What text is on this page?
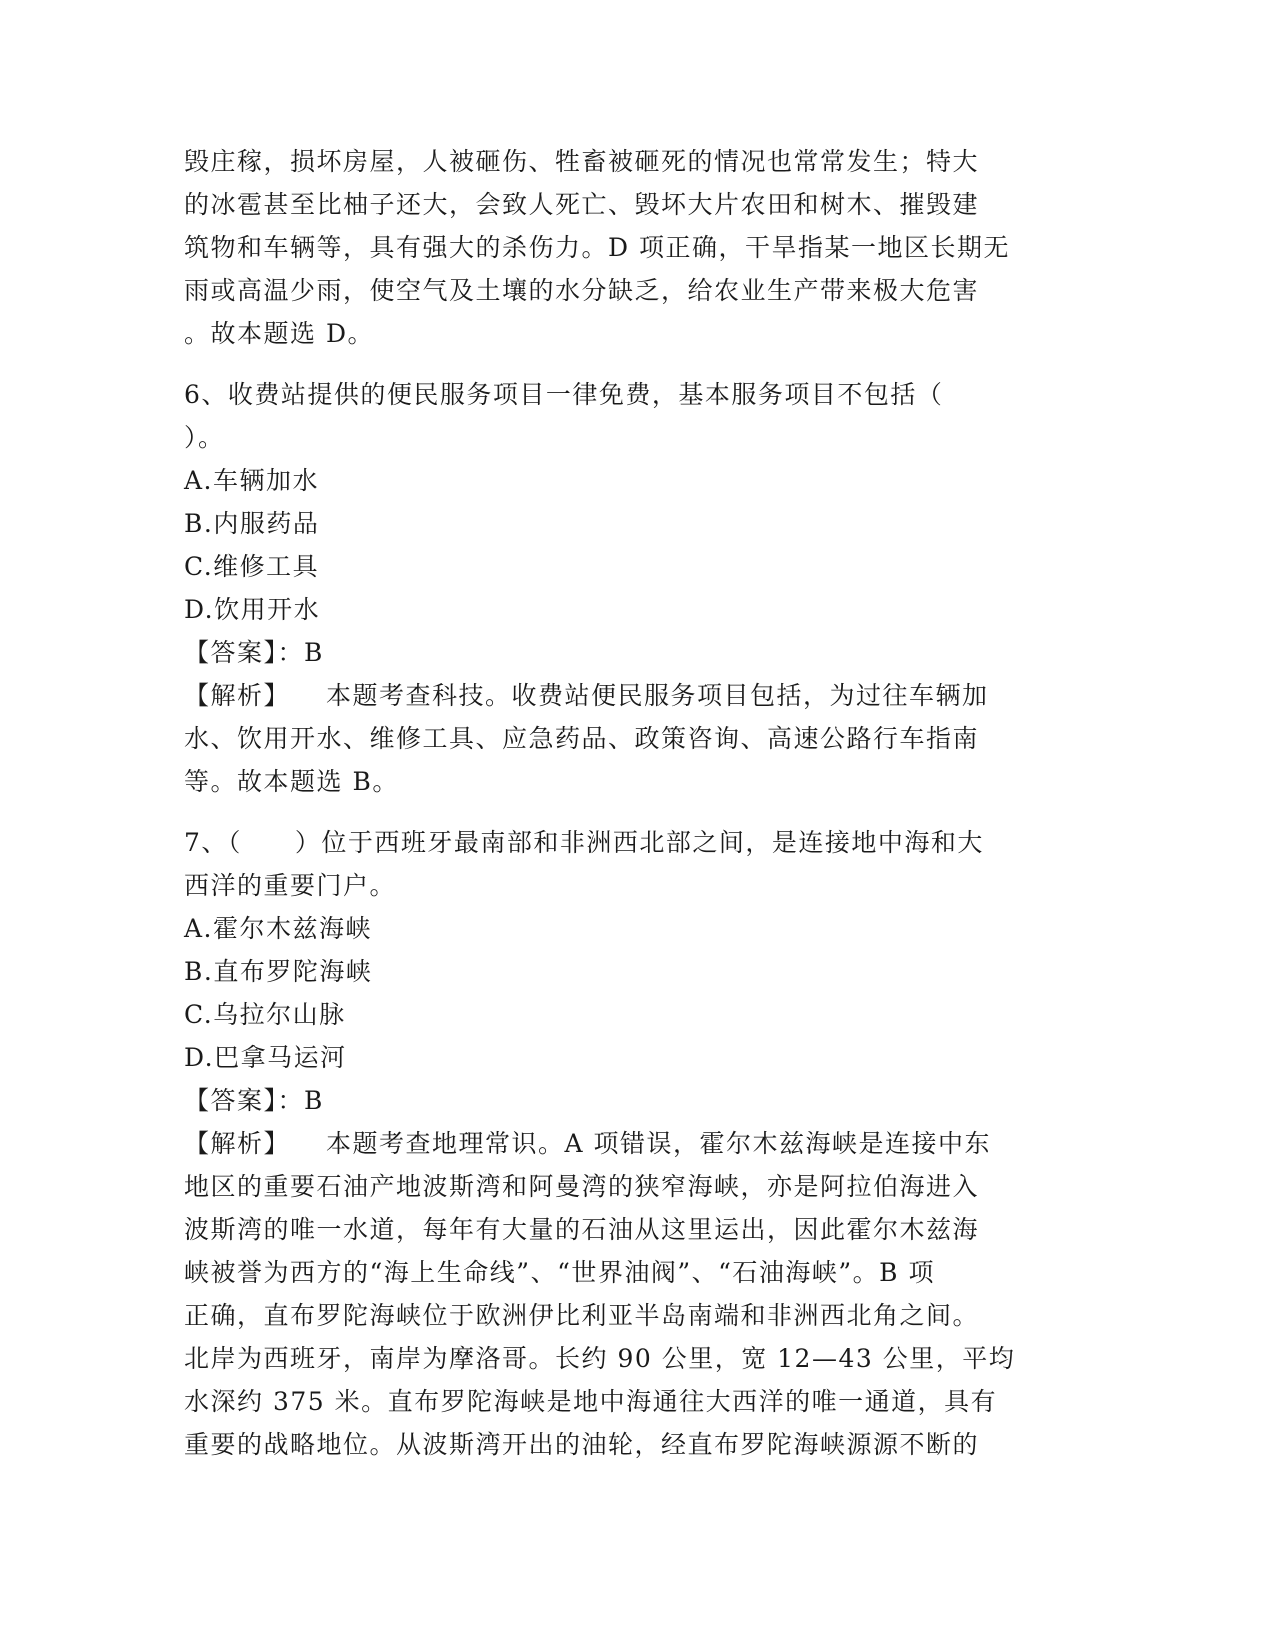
毁庄稼，损坏房屋，人被砸伤、牲畜被砸死的情况也常常发生；特大
的冰雹甚至比柚子还大，会致人死亡、毁坏大片农田和树木、摧毁建
筑物和车辆等，具有强大的杀伤力。D 项正确，干旱指某一地区长期无
雨或高温少雨，使空气及土壤的水分缺乏，给农业生产带来极大危害
。故本题选 D。
6、收费站提供的便民服务项目一律免费，基本服务项目不包括（
）。
A.车辆加水
B.内服药品
C.维修工具
D.饮用开水
【答案】：B
【解析】 本题考查科技。收费站便民服务项目包括，为过往车辆加
水、饮用开水、维修工具、应急药品、政策咨询、高速公路行车指南
等。故本题选 B。
7、（　　）位于西班牙最南部和非洲西北部之间，是连接地中海和大
西洋的重要门户。
A.霍尔木兹海峡
B.直布罗陀海峡
C.乌拉尔山脉
D.巴拿马运河
【答案】：B
【解析】 本题考查地理常识。A 项错误，霍尔木兹海峡是连接中东
地区的重要石油产地波斯湾和阿曼湾的狭窄海峡，亦是阿拉伯海进入
波斯湾的唯一水道，每年有大量的石油从这里运出，因此霍尔木兹海
峡被誉为西方的“海上生命线”、“世界油阀”、“石油海峡”。B 项
正确，直布罗陀海峡位于欧洲伊比利亚半岛南端和非洲西北角之间。
北岸为西班牙，南岸为摩洛哥。长约 90 公里，宽 12—43 公里，平均
水深约 375 米。直布罗陀海峡是地中海通往大西洋的唯一通道，具有
重要的战略地位。从波斯湾开出的油轮，经直布罗陀海峡源源不断的
